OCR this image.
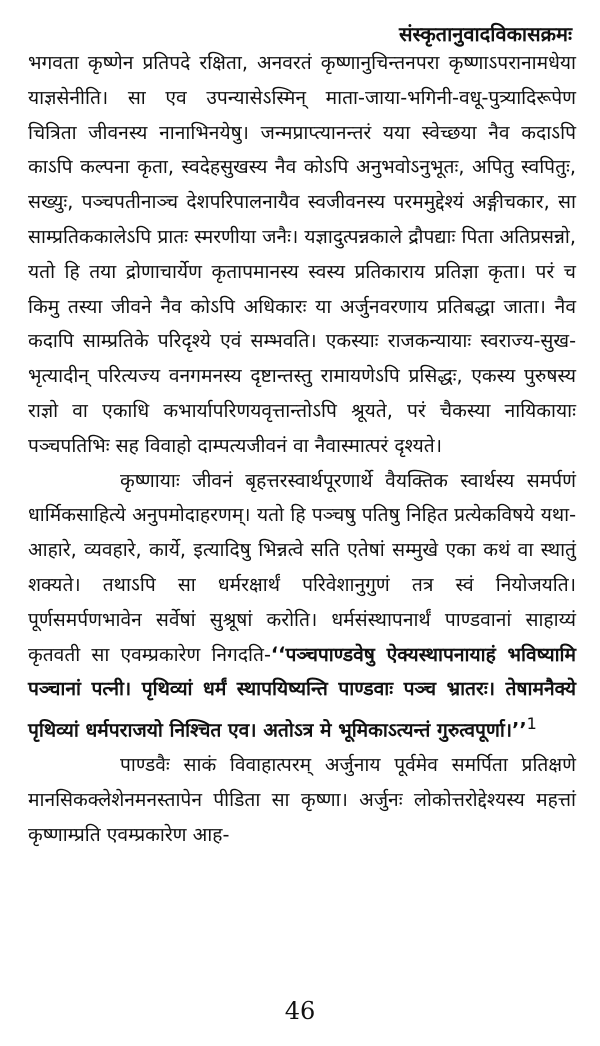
संस्कृतानुवादविकासक्रमः

भगवता कृष्णेन प्रतिपदे रक्षिता, अनवरतं कृष्णानुचिन्तनपरा कृष्णाऽपरानामधेया याज्ञसेनीति। सा एव उपन्यासेऽस्मिन् माता-जाया-भगिनी-वधू-पुत्र्यादिरूपेण चित्रिता जीवनस्य नानाभिनयेषु। जन्मप्राप्त्यानन्तरं यया स्वेच्छया नैव कदाऽपि काऽपि कल्पना कृता, स्वदेहसुखस्य नैव कोऽपि अनुभवोऽनुभूतः, अपितु स्वपितुः, सख्युः, पञ्चपतीनाञ्च देशपरिपालनायैव स्वजीवनस्य परममुद्देश्यं अङ्गीचकार, सा साम्प्रतिककालेऽपि प्रातः स्मरणीया जनैः। यज्ञादुत्पन्नकाले द्रौपद्याः पिता अतिप्रसन्नो, यतो हि तया द्रोणाचार्येण कृतापमानस्य स्वस्य प्रतिकाराय प्रतिज्ञा कृता। परं च किमु तस्या जीवने नैव कोऽपि अधिकारः या अर्जुनवरणाय प्रतिबद्धा जाता। नैव कदापि साम्प्रतिके परिदृश्ये एवं सम्भवति। एकस्याः राजकन्यायाः स्वराज्य-सुख-भृत्यादीन् परित्यज्य वनगमनस्य दृष्टान्तस्तु रामायणेऽपि प्रसिद्धः, एकस्य पुरुषस्य राज्ञो वा एकाधि कभार्यापरिणयवृत्तान्तोऽपि श्रूयते, परं चैकस्या नायिकायाः पञ्चपतिभिः सह विवाहो दाम्पत्यजीवनं वा नैवास्मात्परं दृश्यते।

कृष्णायाः जीवनं बृहत्तरस्वार्थपूरणार्थे वैयक्तिक स्वार्थस्य समर्पणं धार्मिकसाहित्ये अनुपमोदाहरणम्। यतो हि पञ्चषु पतिषु निहित प्रत्येकविषये यथा-आहारे, व्यवहारे, कार्ये, इत्यादिषु भिन्नत्वे सति एतेषां सम्मुखे एका कथं वा स्थातुं शक्यते। तथाऽपि सा धर्मरक्षार्थं परिवेशानुगुणं तत्र स्वं नियोजयति। पूर्णसमर्पणभावेन सर्वेषां सुश्रूषां करोति। धर्मसंस्थापनार्थं पाण्डवानां साहाय्यं कृतवती सा एवम्प्रकारेण निगदति-‘‘पञ्चपाण्डवेषु ऐक्यस्थापनायाहं भविष्यामि पञ्चानां पत्नी। पृथिव्यां धर्मं स्थापयिष्यन्ति पाण्डवाः पञ्च भ्रातरः। तेषामनैक्ये पृथिव्यां धर्मपराजयो निश्चित एव। अतोऽत्र मे भूमिकाऽत्यन्तं गुरुत्वपूर्णा।’’$^1$

पाण्डवैः साकं विवाहात्परम् अर्जुनाय पूर्वमेव समर्पिता प्रतिक्षणे मानसिकक्लेशेनमनस्तापेन पीडिता सा कृष्णा। अर्जुनः लोकोत्तरोद्देश्यस्य महत्तां कृष्णाम्प्रति एवम्प्रकारेण आह-

46
